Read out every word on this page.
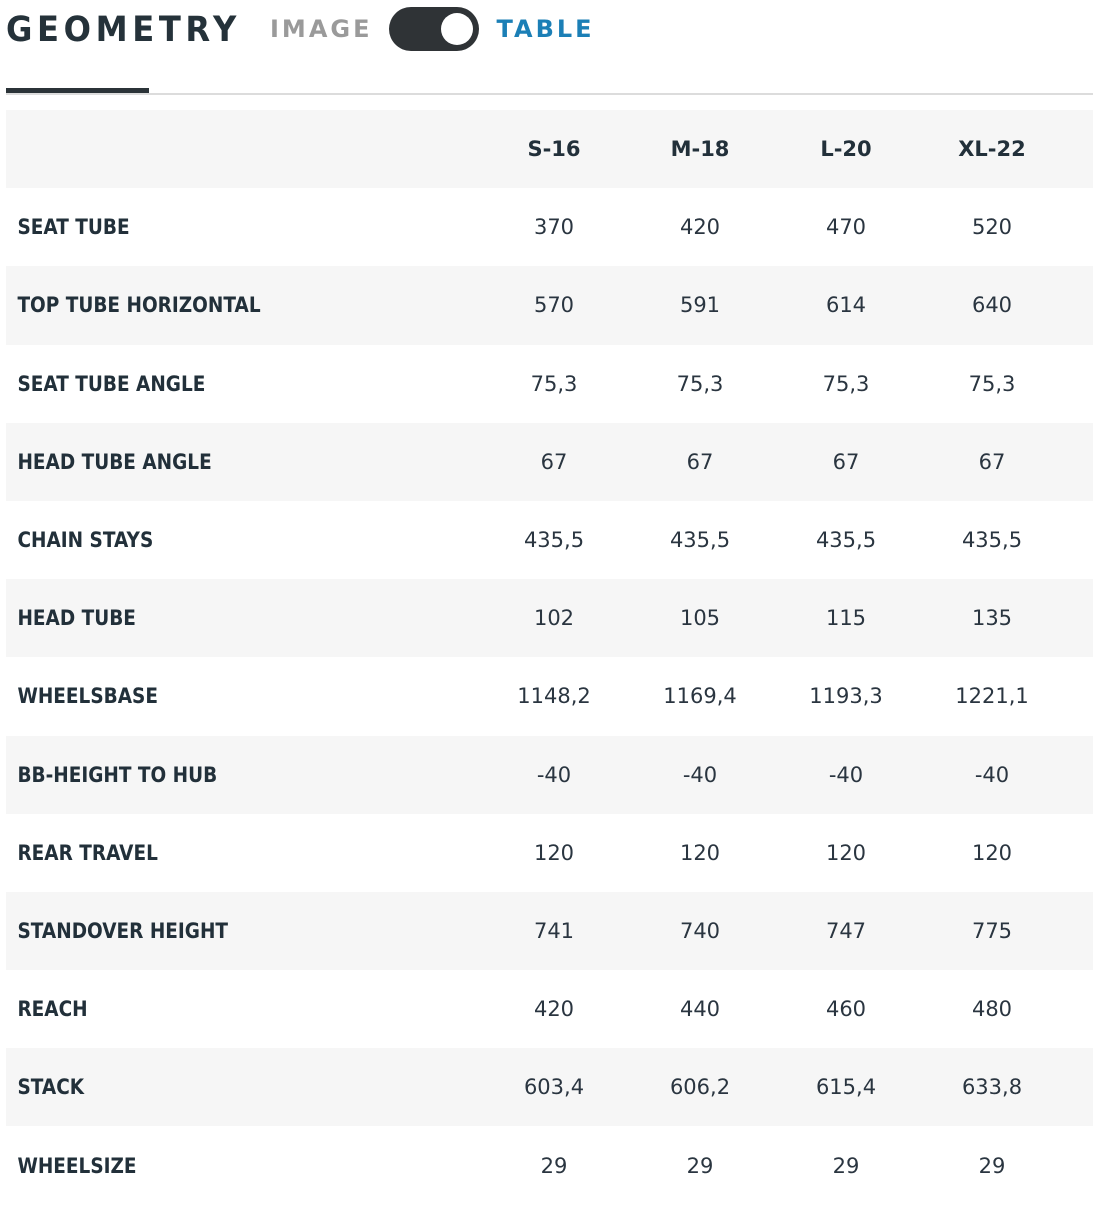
GEOMETRY IMAGE	TABLE
S-16	M-18	L-20	XL-22
SEAT TUBE	370	420	470	520
TOP TUBE HORIZONTAL	570	591	614	640
SEAT TUBE ANGLE	75,3	75,3	75,3	75,3
HEAD TUBE ANGLE	67	67	67	67
CHAIN STAYS	435,5	435,5	435,5	435,5
HEAD TUBE	102	105	115	135
WHEELSBASE	1148,2	1169,4	1193,3	1221,1
BB-HEIGHT TO HUB	-40	-40	-40	-40
REAR TRAVEL	120	120	120	120
STANDOVER HEIGHT	741	740	747	775
REACH	420	440	460	480
STACK	603,4	606,2	615,4	633,8
WHEELSIZE	29	29	29	29
